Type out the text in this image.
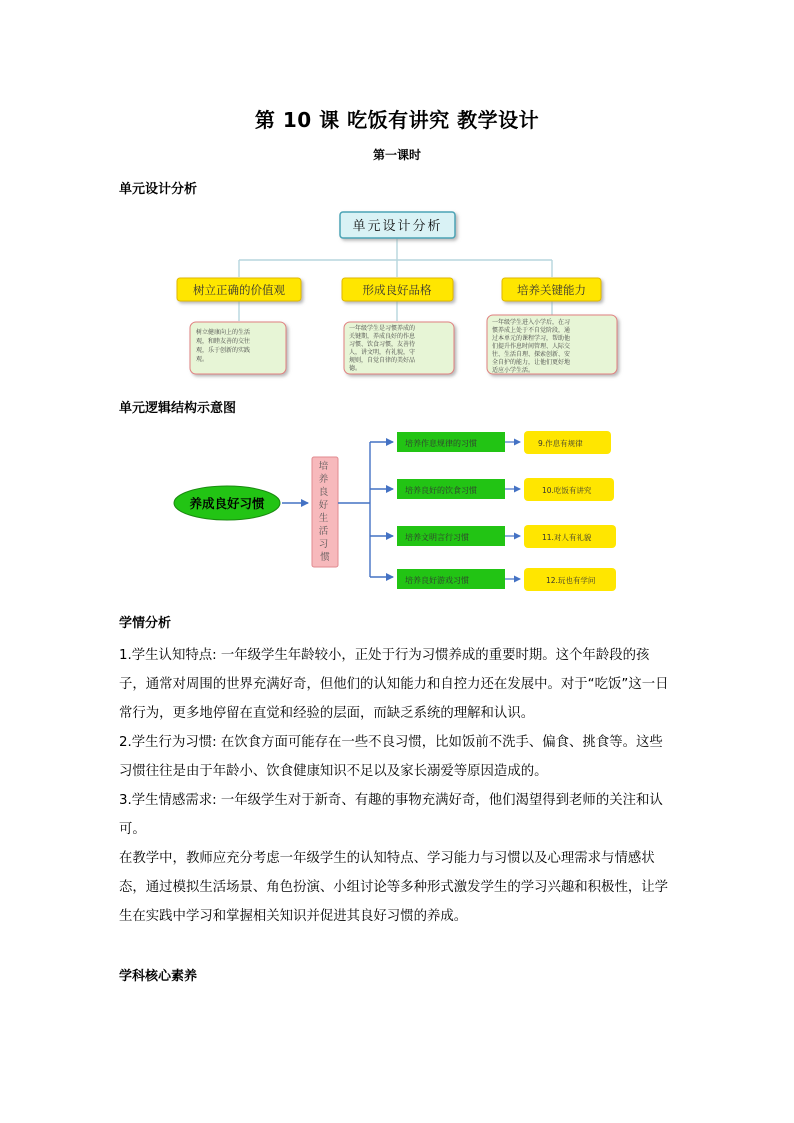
第 10 课 吃饭有讲究 教学设计
第一课时
单元设计分析
单元设计分析
树立正确的价值观	形成良好品格	培养关键能力
树立健康向上的生活 观，和睦友善的交往 观，乐于创新的实践 观。
一年级学生是习惯养成的 关键期，养成良好的作息 习惯、饮食习惯，友善待 人，讲文明，有礼貌，守 规则，自觉自律的美好品 德。
一年级学生进入小学后，在习 惯养成上处于不自觉阶段，通 过本单元的课程学习，帮助他 们提升作息时间管理、人际交 往、生活自理、探索创新、安 全自护的能力，让他们更好地 适应小学生活。
单元逻辑结构示意图
养成良好习惯
培 养 良 好 生 活 习 惯
培养作息规律的习惯	9.作息有规律
培养良好的饮食习惯	10.吃饭有讲究
培养文明言行习惯	11.对人有礼貌
培养良好游戏习惯	12.玩也有学问
学情分析

1.学生认知特点: 一年级学生年龄较小，正处于行为习惯养成的重要时期。这个年龄段的孩子，通常对周围的世界充满好奇，但他们的认知能力和自控力还在发展中。对于“吃饭”这一日常行为，更多地停留在直觉和经验的层面，而缺乏系统的理解和认识。

2.学生行为习惯: 在饮食方面可能存在一些不良习惯，比如饭前不洗手、偏食、挑食等。这些习惯往往是由于年龄小、饮食健康知识不足以及家长溺爱等原因造成的。

3.学生情感需求: 一年级学生对于新奇、有趣的事物充满好奇，他们渴望得到老师的关注和认可。

在教学中，教师应充分考虑一年级学生的认知特点、学习能力与习惯以及心理需求与情感状态，通过模拟生活场景、角色扮演、小组讨论等多种形式激发学生的学习兴趣和积极性，让学生在实践中学习和掌握相关知识并促进其良好习惯的养成。

学科核心素养
